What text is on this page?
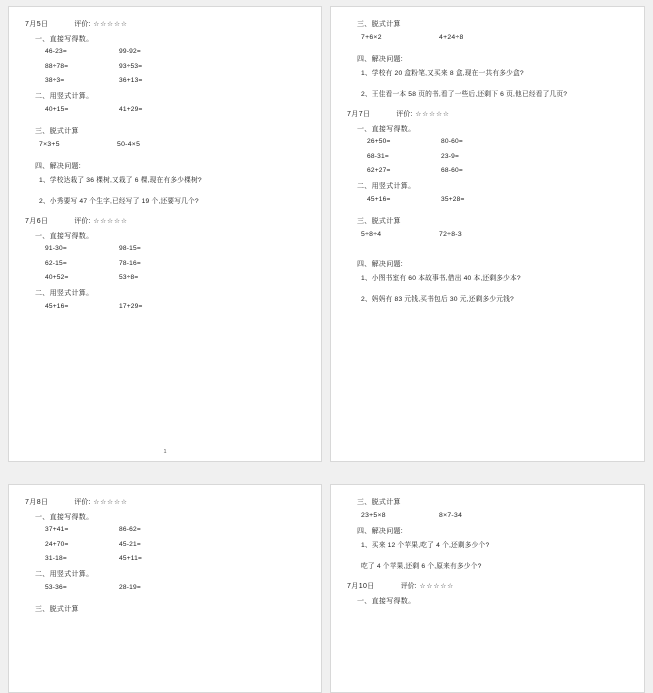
7月5日	评价: ☆☆☆☆☆
一、直接写得数。
46-23=	99-92=
88÷78=	93÷53=
38÷3=	36+13=
二、用竖式计算。
40+15=	41+29=
三、脱式计算
7×3+5	50-4×5
四、解决问题:
1、学校达栽了 36 棵树,又栽了 6 棵,现在有多少棵树?
2、小秀要写 47 个生字,已经写了 19 个,还要写几个?
7月6日	评价: ☆☆☆☆☆
一、直接写得数。
91-30=	98-15=
62-15=	78-16=
40+52=	53÷8=
二、用竖式计算。
45+16=	17+29=
1
三、脱式计算
7+6×2	4+24÷8
四、解决问题:
1、学校有 20 盒粉笔,又买来 8 盒,现在一共有多少盒?
2、王佳看一本 58 页的书,看了一些后,还剩下 6 页,他已经看了几页?
7月7日	评价: ☆☆☆☆☆
一、直接写得数。
26+50=	80-60=
68-31=	23-9=
62+27=	68-60=
二、用竖式计算。
45+16=	35+28=
三、脱式计算
5÷8÷4	72÷8-3
四、解决问题:
1、小图书室有 60 本故事书,借出 40 本,还剩多少本?
2、妈妈有 83 元钱,买书包后 30 元,还剩多少元钱?
7月8日	评价: ☆☆☆☆☆
一、直接写得数。
37+41=	86-62=
24+70=	45-21=
31-18=	45+11=
二、用竖式计算。
53-36=	28-19=
三、脱式计算
三、脱式计算
23+5×8	8×7-34
四、解决问题:
1、买来 12 个苹果,吃了 4 个,还剩多少个?
吃了 4 个苹果,还剩 6 个,原来有多少个?
7月10日	评价: ☆☆☆☆☆
一、直接写得数。
